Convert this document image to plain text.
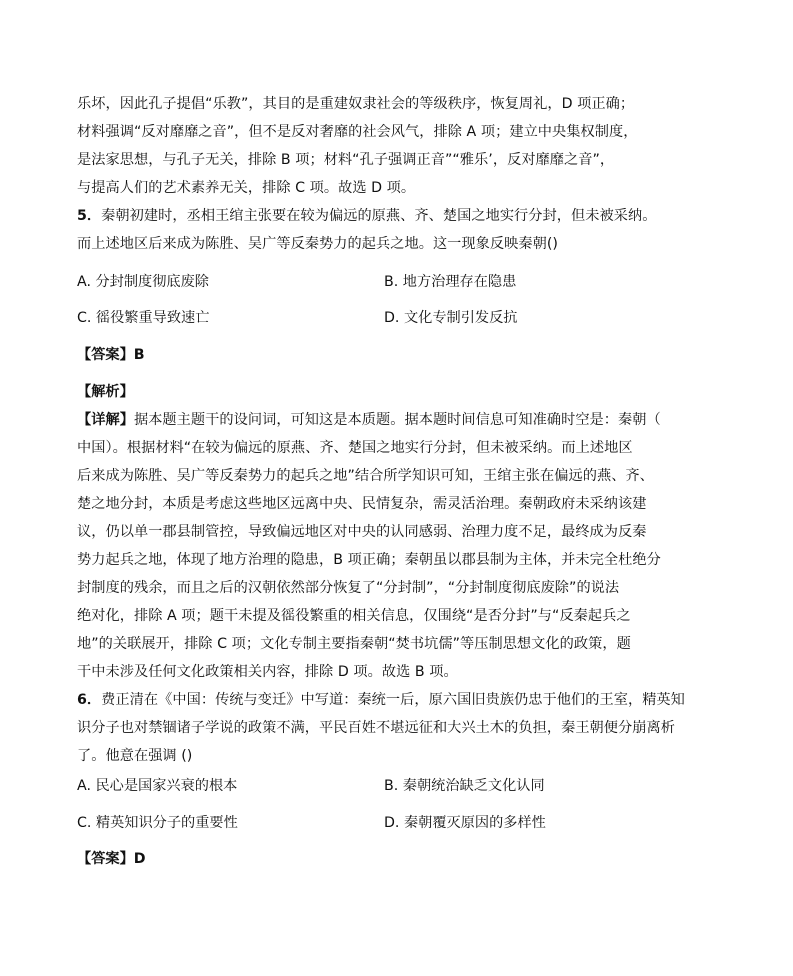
乐坏，因此孔子提倡“乐教”，其目的是重建奴隶社会的等级秩序，恢复周礼，D 项正确；
材料强调“反对靡靡之音”，但不是反对奢靡的社会风气，排除 A 项；建立中央集权制度，
是法家思想，与孔子无关，排除 B 项；材料“孔子强调正音”“雅乐’，反对靡靡之音”，
与提高人们的艺术素养无关，排除 C 项。故选 D 项。
5．秦朝初建时，丞相王绾主张要在较为偏远的原燕、齐、楚国之地实行分封，但未被采纳。
而上述地区后来成为陈胜、吴广等反秦势力的起兵之地。这一现象反映秦朝()
A. 分封制度彻底废除	B. 地方治理存在隐患
C. 徭役繁重导致速亡	D. 文化专制引发反抗
【答案】B
【解析】
【详解】据本题主题干的设问词，可知这是本质题。据本题时间信息可知准确时空是：秦朝（
中国）。根据材料“在较为偏远的原燕、齐、楚国之地实行分封，但未被采纳。而上述地区
后来成为陈胜、吴广等反秦势力的起兵之地”结合所学知识可知，王绾主张在偏远的燕、齐、
楚之地分封，本质是考虑这些地区远离中央、民情复杂，需灵活治理。秦朝政府未采纳该建
议，仍以单一郡县制管控，导致偏远地区对中央的认同感弱、治理力度不足，最终成为反秦
势力起兵之地，体现了地方治理的隐患，B 项正确；秦朝虽以郡县制为主体，并未完全杜绝分
封制度的残余，而且之后的汉朝依然部分恢复了“分封制”，“分封制度彻底废除”的说法
绝对化，排除 A 项；题干未提及徭役繁重的相关信息，仅围绕“是否分封”与“反秦起兵之
地”的关联展开，排除 C 项；文化专制主要指秦朝“焚书坑儒”等压制思想文化的政策，题
干中未涉及任何文化政策相关内容，排除 D 项。故选 B 项。
6．费正清在《中国：传统与变迁》中写道：秦统一后，原六国旧贵族仍忠于他们的王室，精英知
识分子也对禁锢诸子学说的政策不满，平民百姓不堪远征和大兴土木的负担，秦王朝便分崩离析
了。他意在强调 ()
A. 民心是国家兴衰的根本	B. 秦朝统治缺乏文化认同
C. 精英知识分子的重要性	D. 秦朝覆灭原因的多样性
【答案】D
